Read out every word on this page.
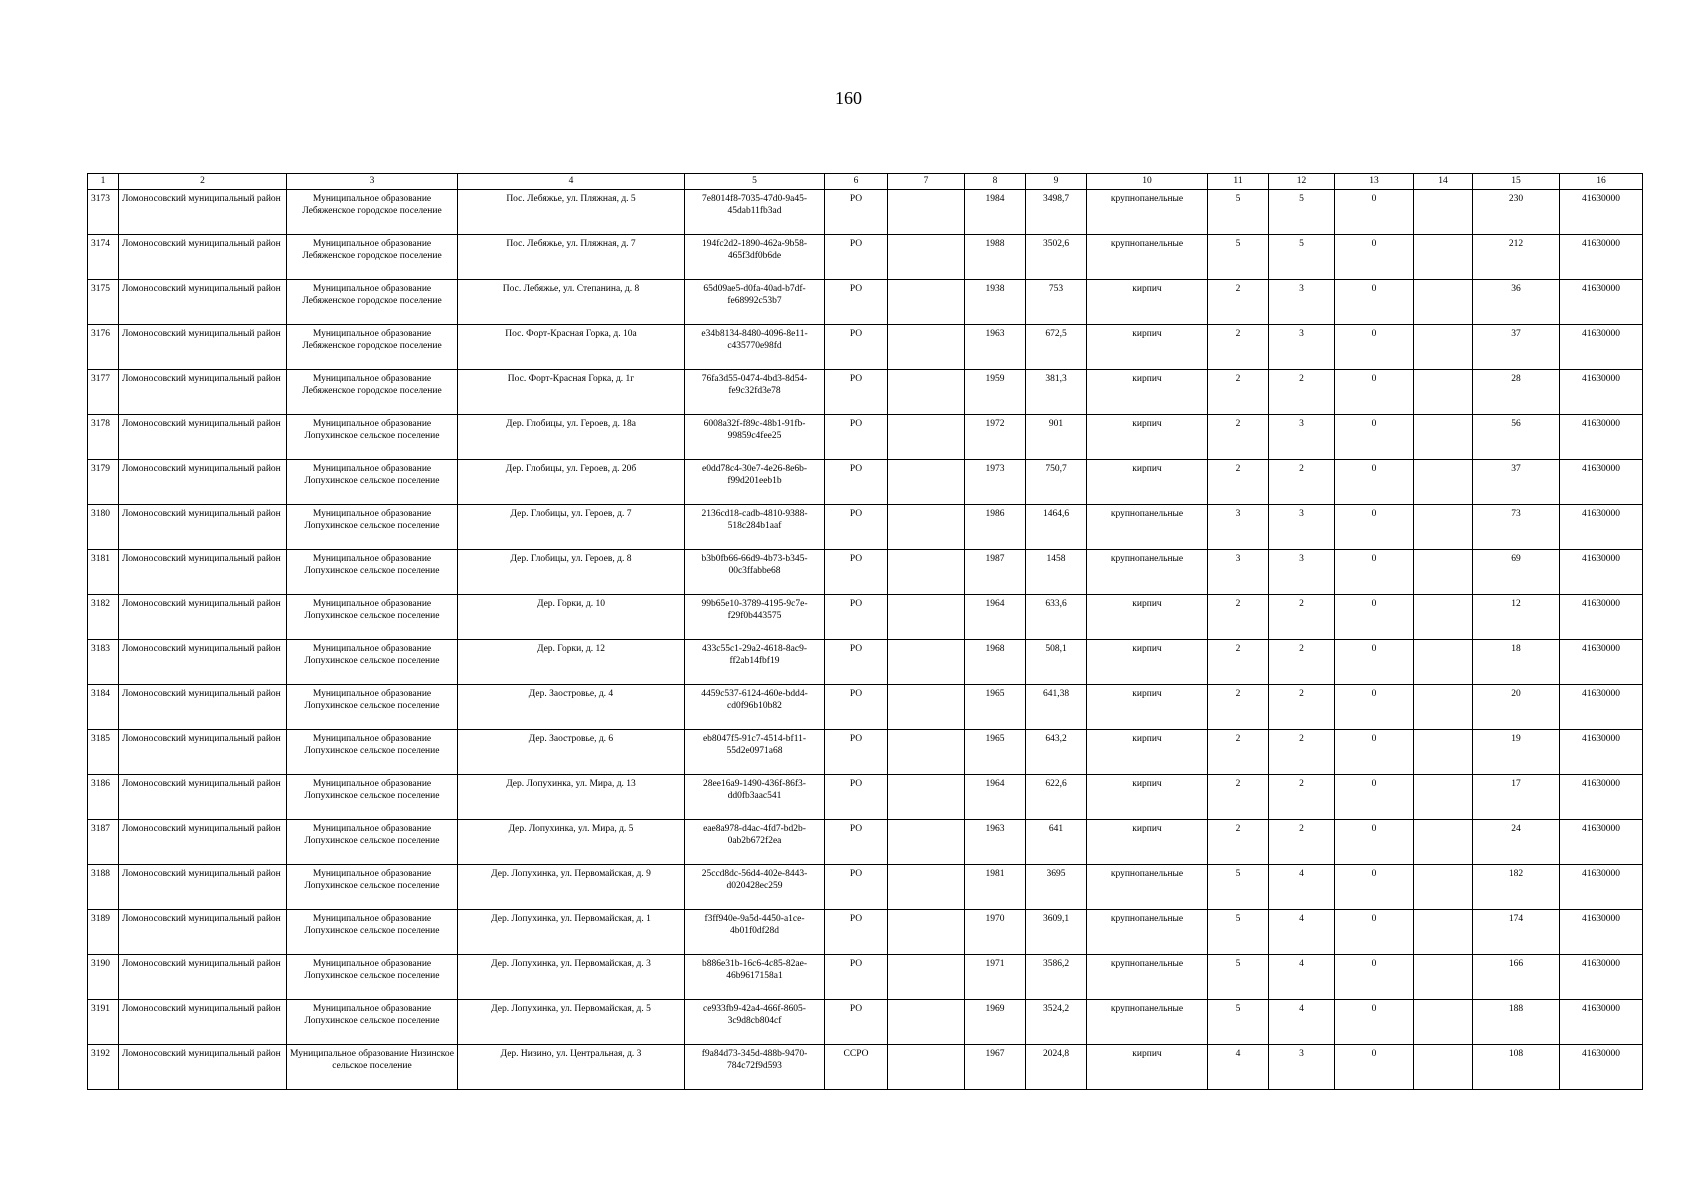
160
1	2	3	4	5	6	7	8	9	10	11	12	13	14	15	16
3173	Ломоносовский муниципальный район	Муниципальное образование Лебяженское городское поселение	Пос. Лебяжье, ул. Пляжная, д. 5	7e8014f8-7035-47d0-9a45-45dab11fb3ad	РО		1984	3498,7	крупнопанельные	5	5	0		230	41630000
3174	Ломоносовский муниципальный район	Муниципальное образование Лебяженское городское поселение	Пос. Лебяжье, ул. Пляжная, д. 7	194fc2d2-1890-462a-9b58-465f3df0b6de	РО		1988	3502,6	крупнопанельные	5	5	0		212	41630000
3175	Ломоносовский муниципальный район	Муниципальное образование Лебяженское городское поселение	Пос. Лебяжье, ул. Степанина, д. 8	65d09ae5-d0fa-40ad-b7df-fe68992c53b7	РО		1938	753	кирпич	2	3	0		36	41630000
3176	Ломоносовский муниципальный район	Муниципальное образование Лебяженское городское поселение	Пос. Форт-Красная Горка, д. 10а	e34b8134-8480-4096-8e11-c435770e98fd	РО		1963	672,5	кирпич	2	3	0		37	41630000
3177	Ломоносовский муниципальный район	Муниципальное образование Лебяженское городское поселение	Пос. Форт-Красная Горка, д. 1г	76fa3d55-0474-4bd3-8d54-fe9c32fd3e78	РО		1959	381,3	кирпич	2	2	0		28	41630000
3178	Ломоносовский муниципальный район	Муниципальное образование Лопухинское сельское поселение	Дер. Глобицы, ул. Героев, д. 18а	6008a32f-f89c-48b1-91fb-99859c4fee25	РО		1972	901	кирпич	2	3	0		56	41630000
3179	Ломоносовский муниципальный район	Муниципальное образование Лопухинское сельское поселение	Дер. Глобицы, ул. Героев, д. 20б	e0dd78c4-30e7-4e26-8e6b-f99d201eeb1b	РО		1973	750,7	кирпич	2	2	0		37	41630000
3180	Ломоносовский муниципальный район	Муниципальное образование Лопухинское сельское поселение	Дер. Глобицы, ул. Героев, д. 7	2136cd18-cadb-4810-9388-518c284b1aaf	РО		1986	1464,6	крупнопанельные	3	3	0		73	41630000
3181	Ломоносовский муниципальный район	Муниципальное образование Лопухинское сельское поселение	Дер. Глобицы, ул. Героев, д. 8	b3b0fb66-66d9-4b73-b345-00c3ffabbe68	РО		1987	1458	крупнопанельные	3	3	0		69	41630000
3182	Ломоносовский муниципальный район	Муниципальное образование Лопухинское сельское поселение	Дер. Горки, д. 10	99b65e10-3789-4195-9c7e-f29f0b443575	РО		1964	633,6	кирпич	2	2	0		12	41630000
3183	Ломоносовский муниципальный район	Муниципальное образование Лопухинское сельское поселение	Дер. Горки, д. 12	433c55c1-29a2-4618-8ac9-ff2ab14fbf19	РО		1968	508,1	кирпич	2	2	0		18	41630000
3184	Ломоносовский муниципальный район	Муниципальное образование Лопухинское сельское поселение	Дер. Заостровье, д. 4	4459c537-6124-460e-bdd4-cd0f96b10b82	РО		1965	641,38	кирпич	2	2	0		20	41630000
3185	Ломоносовский муниципальный район	Муниципальное образование Лопухинское сельское поселение	Дер. Заостровье, д. 6	eb8047f5-91c7-4514-bf11-55d2e0971a68	РО		1965	643,2	кирпич	2	2	0		19	41630000
3186	Ломоносовский муниципальный район	Муниципальное образование Лопухинское сельское поселение	Дер. Лопухинка, ул. Мира, д. 13	28ee16a9-1490-436f-86f3-dd0fb3aac541	РО		1964	622,6	кирпич	2	2	0		17	41630000
3187	Ломоносовский муниципальный район	Муниципальное образование Лопухинское сельское поселение	Дер. Лопухинка, ул. Мира, д. 5	eae8a978-d4ac-4fd7-bd2b-0ab2b672f2ea	РО		1963	641	кирпич	2	2	0		24	41630000
3188	Ломоносовский муниципальный район	Муниципальное образование Лопухинское сельское поселение	Дер. Лопухинка, ул. Первомайская, д. 9	25ccd8dc-56d4-402e-8443-d020428ec259	РО		1981	3695	крупнопанельные	5	4	0		182	41630000
3189	Ломоносовский муниципальный район	Муниципальное образование Лопухинское сельское поселение	Дер. Лопухинка, ул. Первомайская, д. 1	f3ff940e-9a5d-4450-a1ce-4b01f0df28d	РО		1970	3609,1	крупнопанельные	5	4	0		174	41630000
3190	Ломоносовский муниципальный район	Муниципальное образование Лопухинское сельское поселение	Дер. Лопухинка, ул. Первомайская, д. 3	b886e31b-16c6-4c85-82ae-46b9617158a1	РО		1971	3586,2	крупнопанельные	5	4	0		166	41630000
3191	Ломоносовский муниципальный район	Муниципальное образование Лопухинское сельское поселение	Дер. Лопухинка, ул. Первомайская, д. 5	ce933fb9-42a4-466f-8605-3c9d8cb804cf	РО		1969	3524,2	крупнопанельные	5	4	0		188	41630000
3192	Ломоносовский муниципальный район	Муниципальное образование Низинское сельское поселение	Дер. Низино, ул. Центральная, д. 3	f9a84d73-345d-488b-9470-784c72f9d593	ССРО		1967	2024,8	кирпич	4	3	0		108	41630000
